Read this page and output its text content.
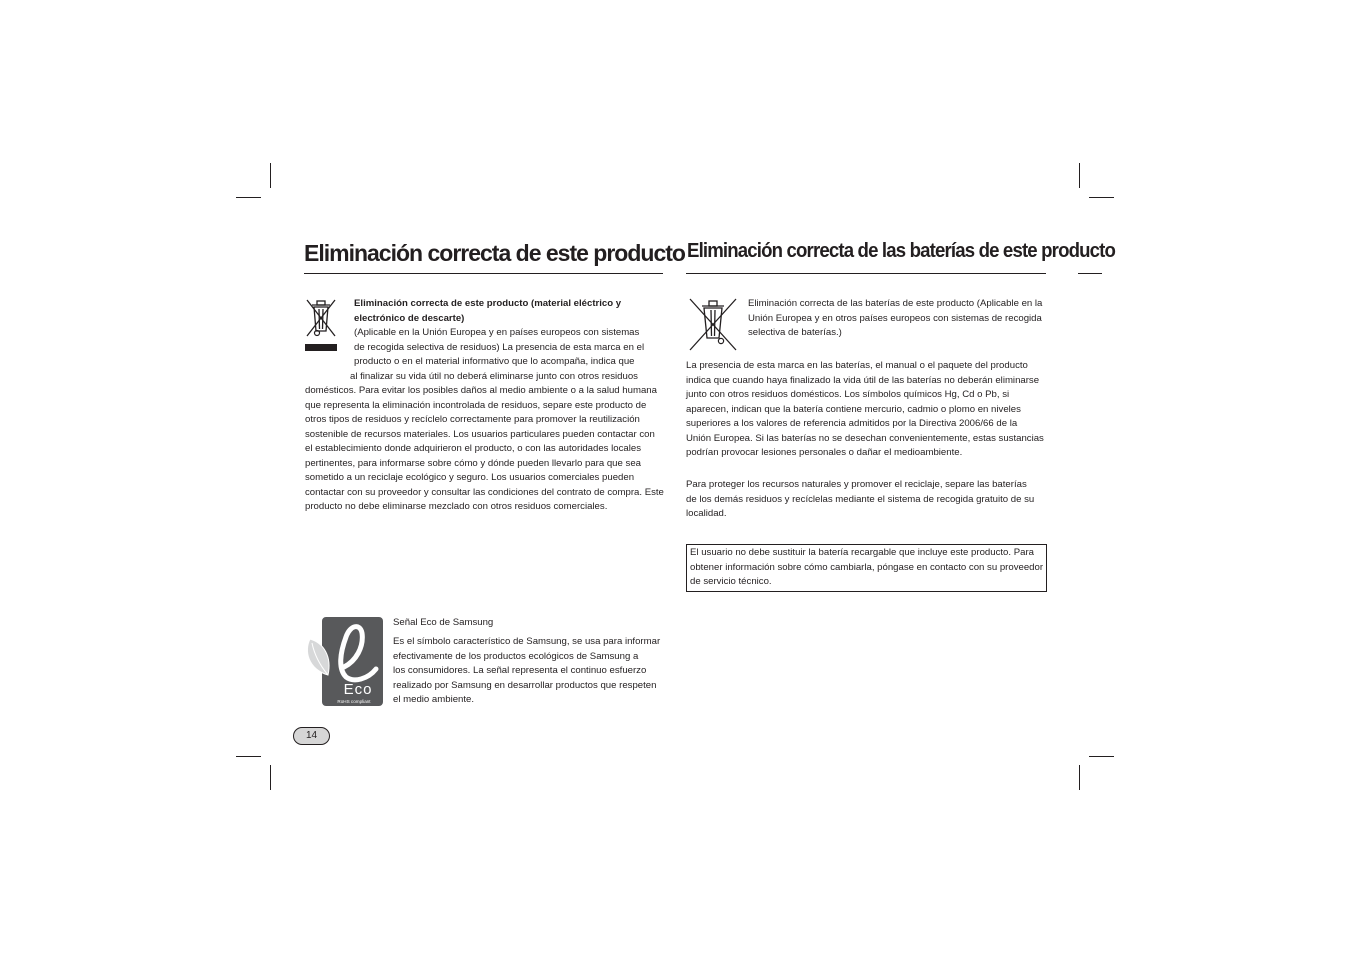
Eliminación correcta de este producto
Eliminación correcta de este producto (material eléctrico y
electrónico de descarte)
(Aplicable en la Unión Europea y en países europeos con sistemas
de recogida selectiva de residuos) La presencia de esta marca en el
producto o en el material informativo que lo acompaña, indica que
al finalizar su vida útil no deberá eliminarse junto con otros residuos
domésticos. Para evitar los posibles daños al medio ambiente o a la salud humana
que representa la eliminación incontrolada de residuos, separe este producto de
otros tipos de residuos y recíclelo correctamente para promover la reutilización
sostenible de recursos materiales. Los usuarios particulares pueden contactar con
el establecimiento donde adquirieron el producto, o con las autoridades locales
pertinentes, para informarse sobre cómo y dónde pueden llevarlo para que sea
sometido a un reciclaje ecológico y seguro. Los usuarios comerciales pueden
contactar con su proveedor y consultar las condiciones del contrato de compra. Este
producto no debe eliminarse mezclado con otros residuos comerciales.
Eco
RoHS compliant
Señal Eco de Samsung
Es el símbolo característico de Samsung, se usa para informar
efectivamente de los productos ecológicos de Samsung a
los consumidores. La señal representa el continuo esfuerzo
realizado por Samsung en desarrollar productos que respeten
el medio ambiente.
14
Eliminación correcta de las baterías de este producto
Eliminación correcta de las baterías de este producto (Aplicable en la
Unión Europea y en otros países europeos con sistemas de recogida
selectiva de baterías.)
La presencia de esta marca en las baterías, el manual o el paquete del producto
indica que cuando haya finalizado la vida útil de las baterías no deberán eliminarse
junto con otros residuos domésticos. Los símbolos químicos Hg, Cd o Pb, si
aparecen, indican que la batería contiene mercurio, cadmio o plomo en niveles
superiores a los valores de referencia admitidos por la Directiva 2006/66 de la
Unión Europea. Si las baterías no se desechan convenientemente, estas sustancias
podrían provocar lesiones personales o dañar el medioambiente.
Para proteger los recursos naturales y promover el reciclaje, separe las baterías
de los demás residuos y recíclelas mediante el sistema de recogida gratuito de su
localidad.
El usuario no debe sustituir la batería recargable que incluye este producto. Para
obtener información sobre cómo cambiarla, póngase en contacto con su proveedor
de servicio técnico.
